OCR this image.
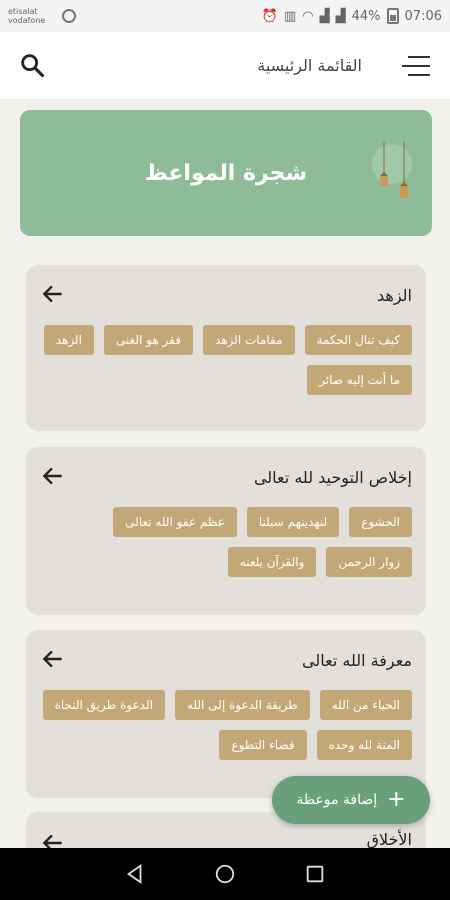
etisalat
vodafone	⏰ ▥ ◠ ▟ ▟ 44% 07:06
القائمة الرئيسية
شجرة المواعظ
الزهد
كيف تنال الحكمة
مقامات الزهد
فقر هو الغنى
الزهد
ما أنت إليه صائر
إخلاص التوحيد لله تعالى
الخشوع
لنهدينهم سبلنا
عظم عفو الله تعالى
زوار الرحمن
والقرآن يلعنه
معرفة الله تعالى
الحياء من الله
طريقة الدعوة إلى الله
الدعوة طريق النجاة
المنة لله وحده
قضاء التطوع
الأخلاق
إضافة موعظة +
